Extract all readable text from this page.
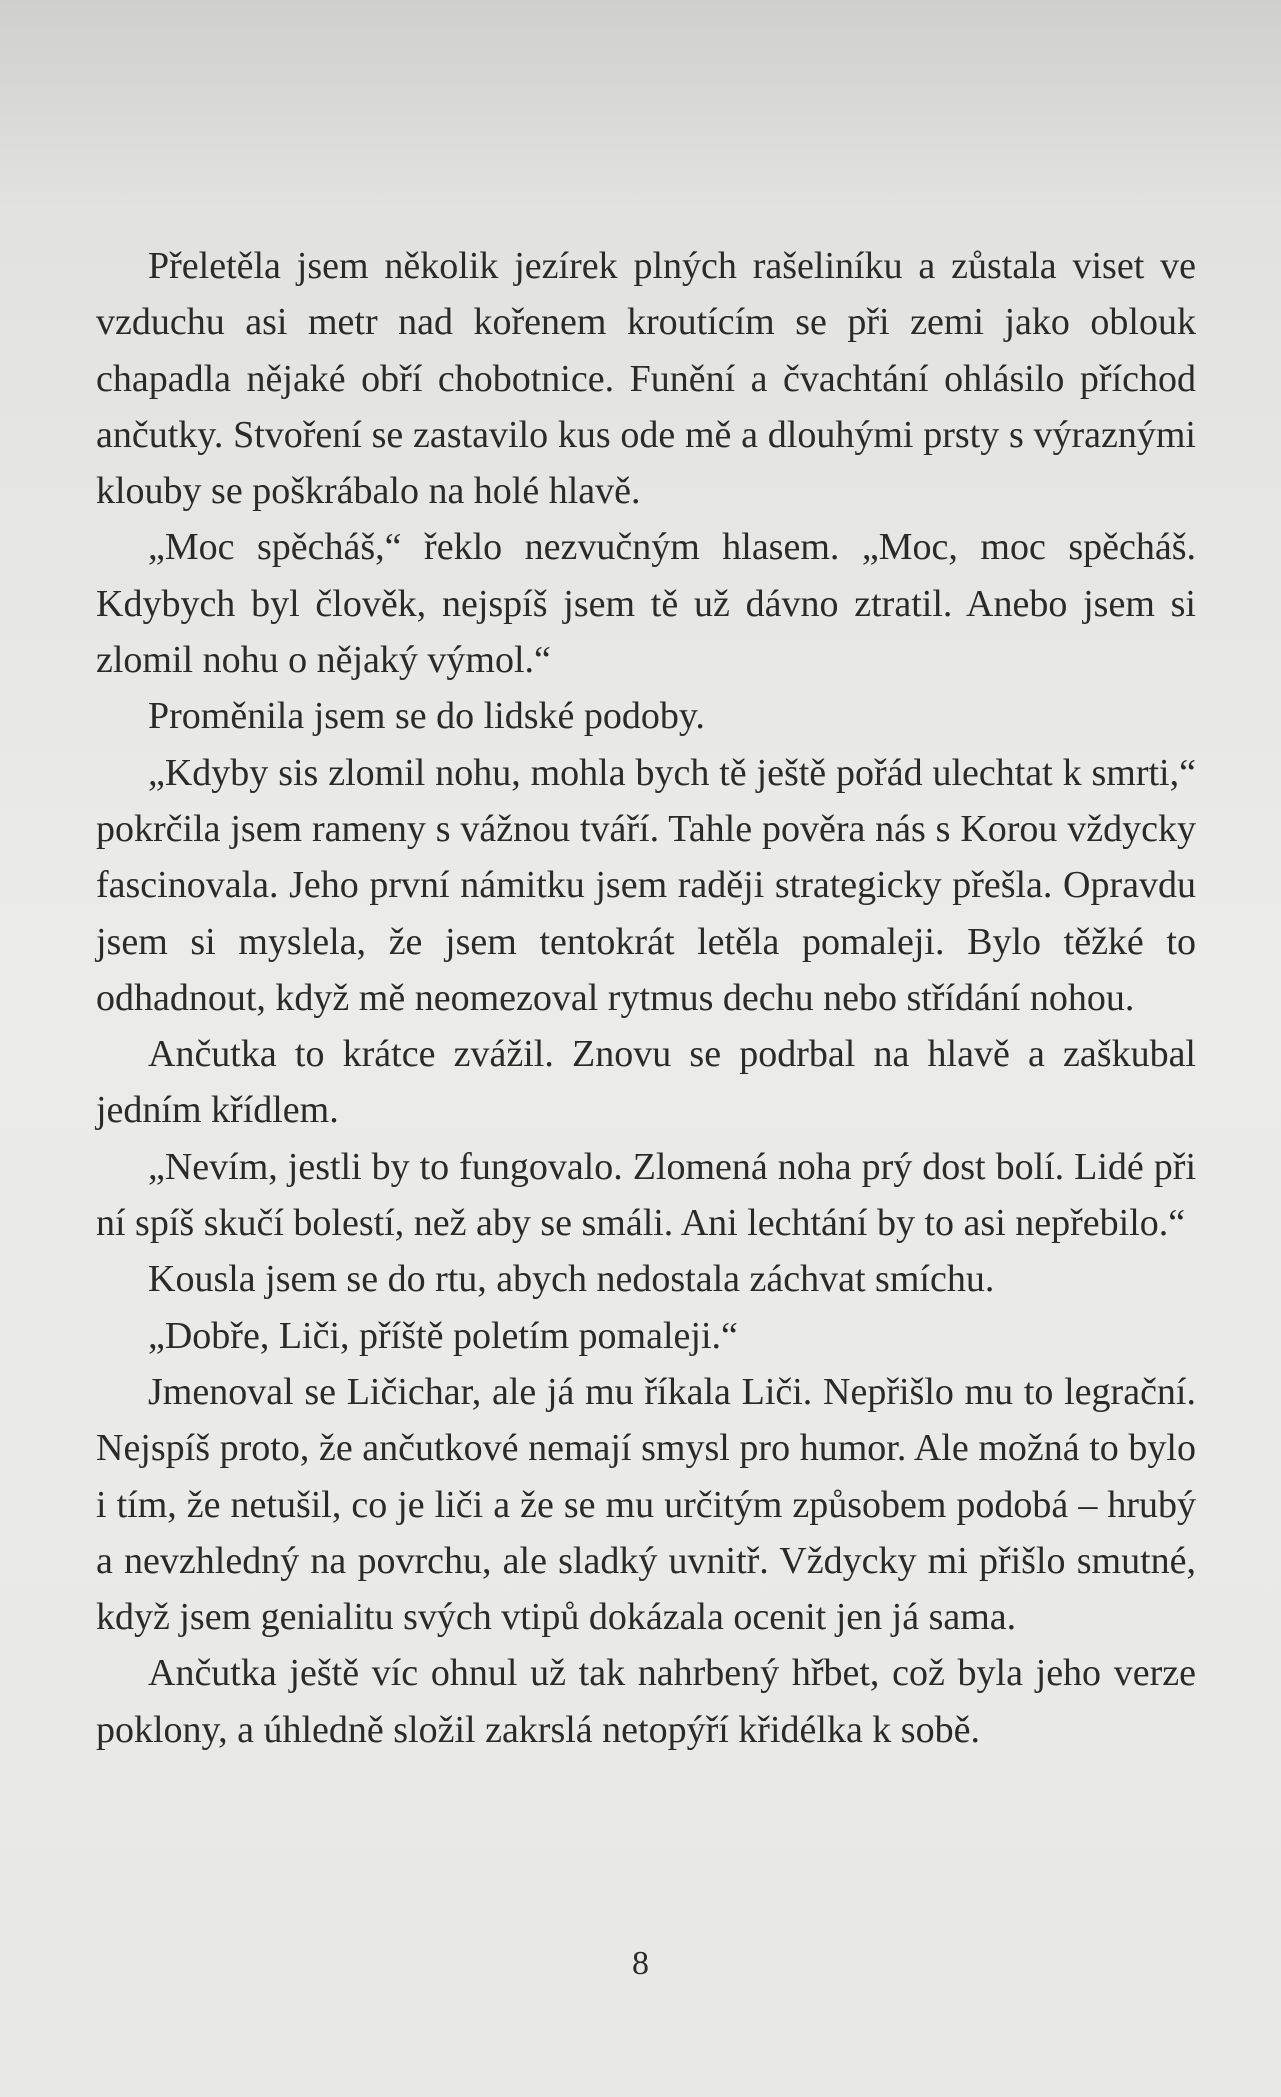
Přeletěla jsem několik jezírek plných rašeliníku a zůstala viset ve vzduchu asi metr nad kořenem kroutícím se při zemi jako oblouk chapadla nějaké obří chobotnice. Funění a čvachtání ohlásilo příchod ančutky. Stvoření se zastavilo kus ode mě a dlouhými prsty s výraznými klouby se poškrábalo na holé hlavě.

„Moc spěcháš,“ řeklo nezvučným hlasem. „Moc, moc spěcháš. Kdybych byl člověk, nejspíš jsem tě už dávno ztratil. Anebo jsem si zlomil nohu o nějaký výmol.“

Proměnila jsem se do lidské podoby.

„Kdyby sis zlomil nohu, mohla bych tě ještě pořád ulechtat k smrti,“ pokrčila jsem rameny s vážnou tváří. Tahle pověra nás s Korou vždycky fascinovala. Jeho první námitku jsem raději strategicky přešla. Opravdu jsem si myslela, že jsem tentokrát letěla pomaleji. Bylo těžké to odhadnout, když mě neomezoval rytmus dechu nebo střídání nohou.

Ančutka to krátce zvážil. Znovu se podrbal na hlavě a zaškubal jedním křídlem.

„Nevím, jestli by to fungovalo. Zlomená noha prý dost bolí. Lidé při ní spíš skučí bolestí, než aby se smáli. Ani lechtání by to asi nepřebilo.“

Kousla jsem se do rtu, abych nedostala záchvat smíchu.

„Dobře, Liči, příště poletím pomaleji.“

Jmenoval se Ličichar, ale já mu říkala Liči. Nepřišlo mu to legrační. Nejspíš proto, že ančutkové nemají smysl pro humor. Ale možná to bylo i tím, že netušil, co je liči a že se mu určitým způsobem podobá – hrubý a nevzhledný na povrchu, ale sladký uvnitř. Vždycky mi přišlo smutné, když jsem genialitu svých vtipů dokázala ocenit jen já sama.

Ančutka ještě víc ohnul už tak nahrbený hřbet, což byla jeho verze poklony, a úhledně složil zakrslá netopýří křidélka k sobě.

8
